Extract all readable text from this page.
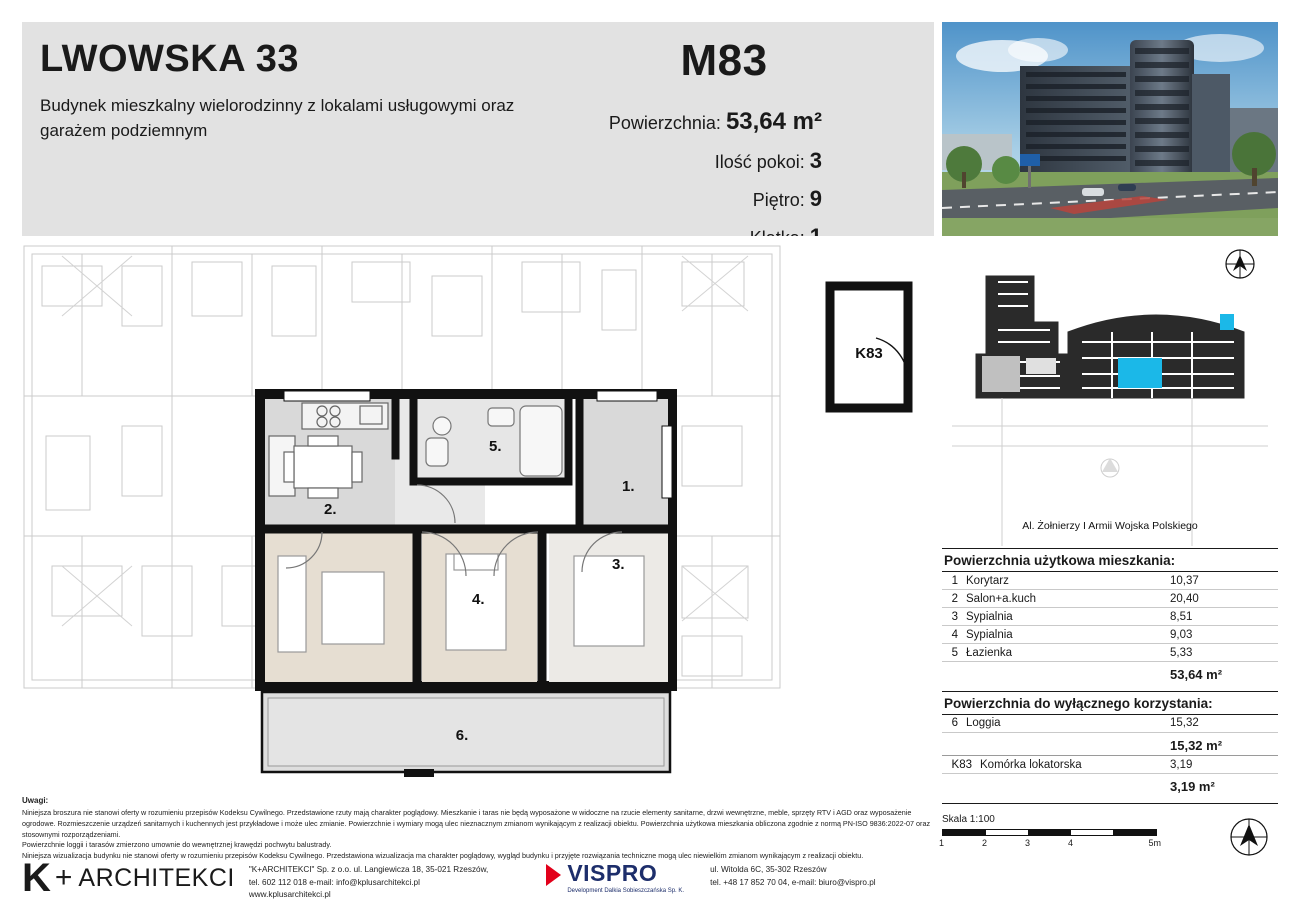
LWOWSKA 33
Budynek mieszkalny wielorodzinny z lokalami usługowymi oraz garażem podziemnym
M83
Powierzchnia: 53,64 m²
Ilość pokoi: 3
Piętro: 9
K83
1.
2.
3.
4.
5.
6.
Uwagi:
Niniejsza broszura nie stanowi oferty w rozumieniu przepisów Kodeksu Cywilnego. Przedstawione rzuty mają charakter poglądowy. Mieszkanie i taras nie będą wyposażone w widoczne na rzucie elementy sanitarne, drzwi wewnętrzne, meble, sprzęty RTV i AGD oraz wyposażenie ogrodowe. Rozmieszczenie urządzeń sanitarnych i kuchennych jest przykładowe i może ulec zmianie. Powierzchnie i wymiary mogą ulec nieznacznym zmianom wynikającym z realizacji obiektu. Powierzchnia użytkowa mieszkania obliczona zgodnie z normą PN-ISO 9836:2022-07 oraz stosownymi rozporządzeniami.
Powierzchnie loggii i tarasów zmierzono umownie do wewnętrznej krawędzi pochwytu balustrady.
Niniejsza wizualizacja budynku nie stanowi oferty w rozumieniu przepisów Kodeksu Cywilnego. Przedstawiona wizualizacja ma charakter poglądowy, wygląd budynku i przyjęte rozwiązania techniczne mogą ulec niewielkim zmianom wynikającym z realizacji obiektu.
K + ARCHITEKCI "K+ARCHITEKCI" Sp. z o.o. ul. Langiewicza 18, 35-021 Rzeszów,
tel. 602 112 018 e-mail: info@kplusarchitekci.pl
www.kplusarchitekci.pl
VISPRO
Development Dalkia Sobieszczańska Sp. K.
ul. Witolda 6C, 35-302 Rzeszów
tel. +48 17 852 70 04, e-mail: biuro@vispro.pl
Al. Żołnierzy I Armii Wojska Polskiego
Powierzchnia użytkowa mieszkania:
1	Korytarz	10,37
2	Salon+a.kuch	20,40
3	Sypialnia	8,51
4	Sypialnia	9,03
5	Łazienka	5,33
		53,64 m²
Powierzchnia do wyłącznego korzystania:
6	Loggia	15,32
		15,32 m²
K83	Komórka lokatorska	3,19
		3,19 m²
Skala 1:100
1	2	3	4	5m
